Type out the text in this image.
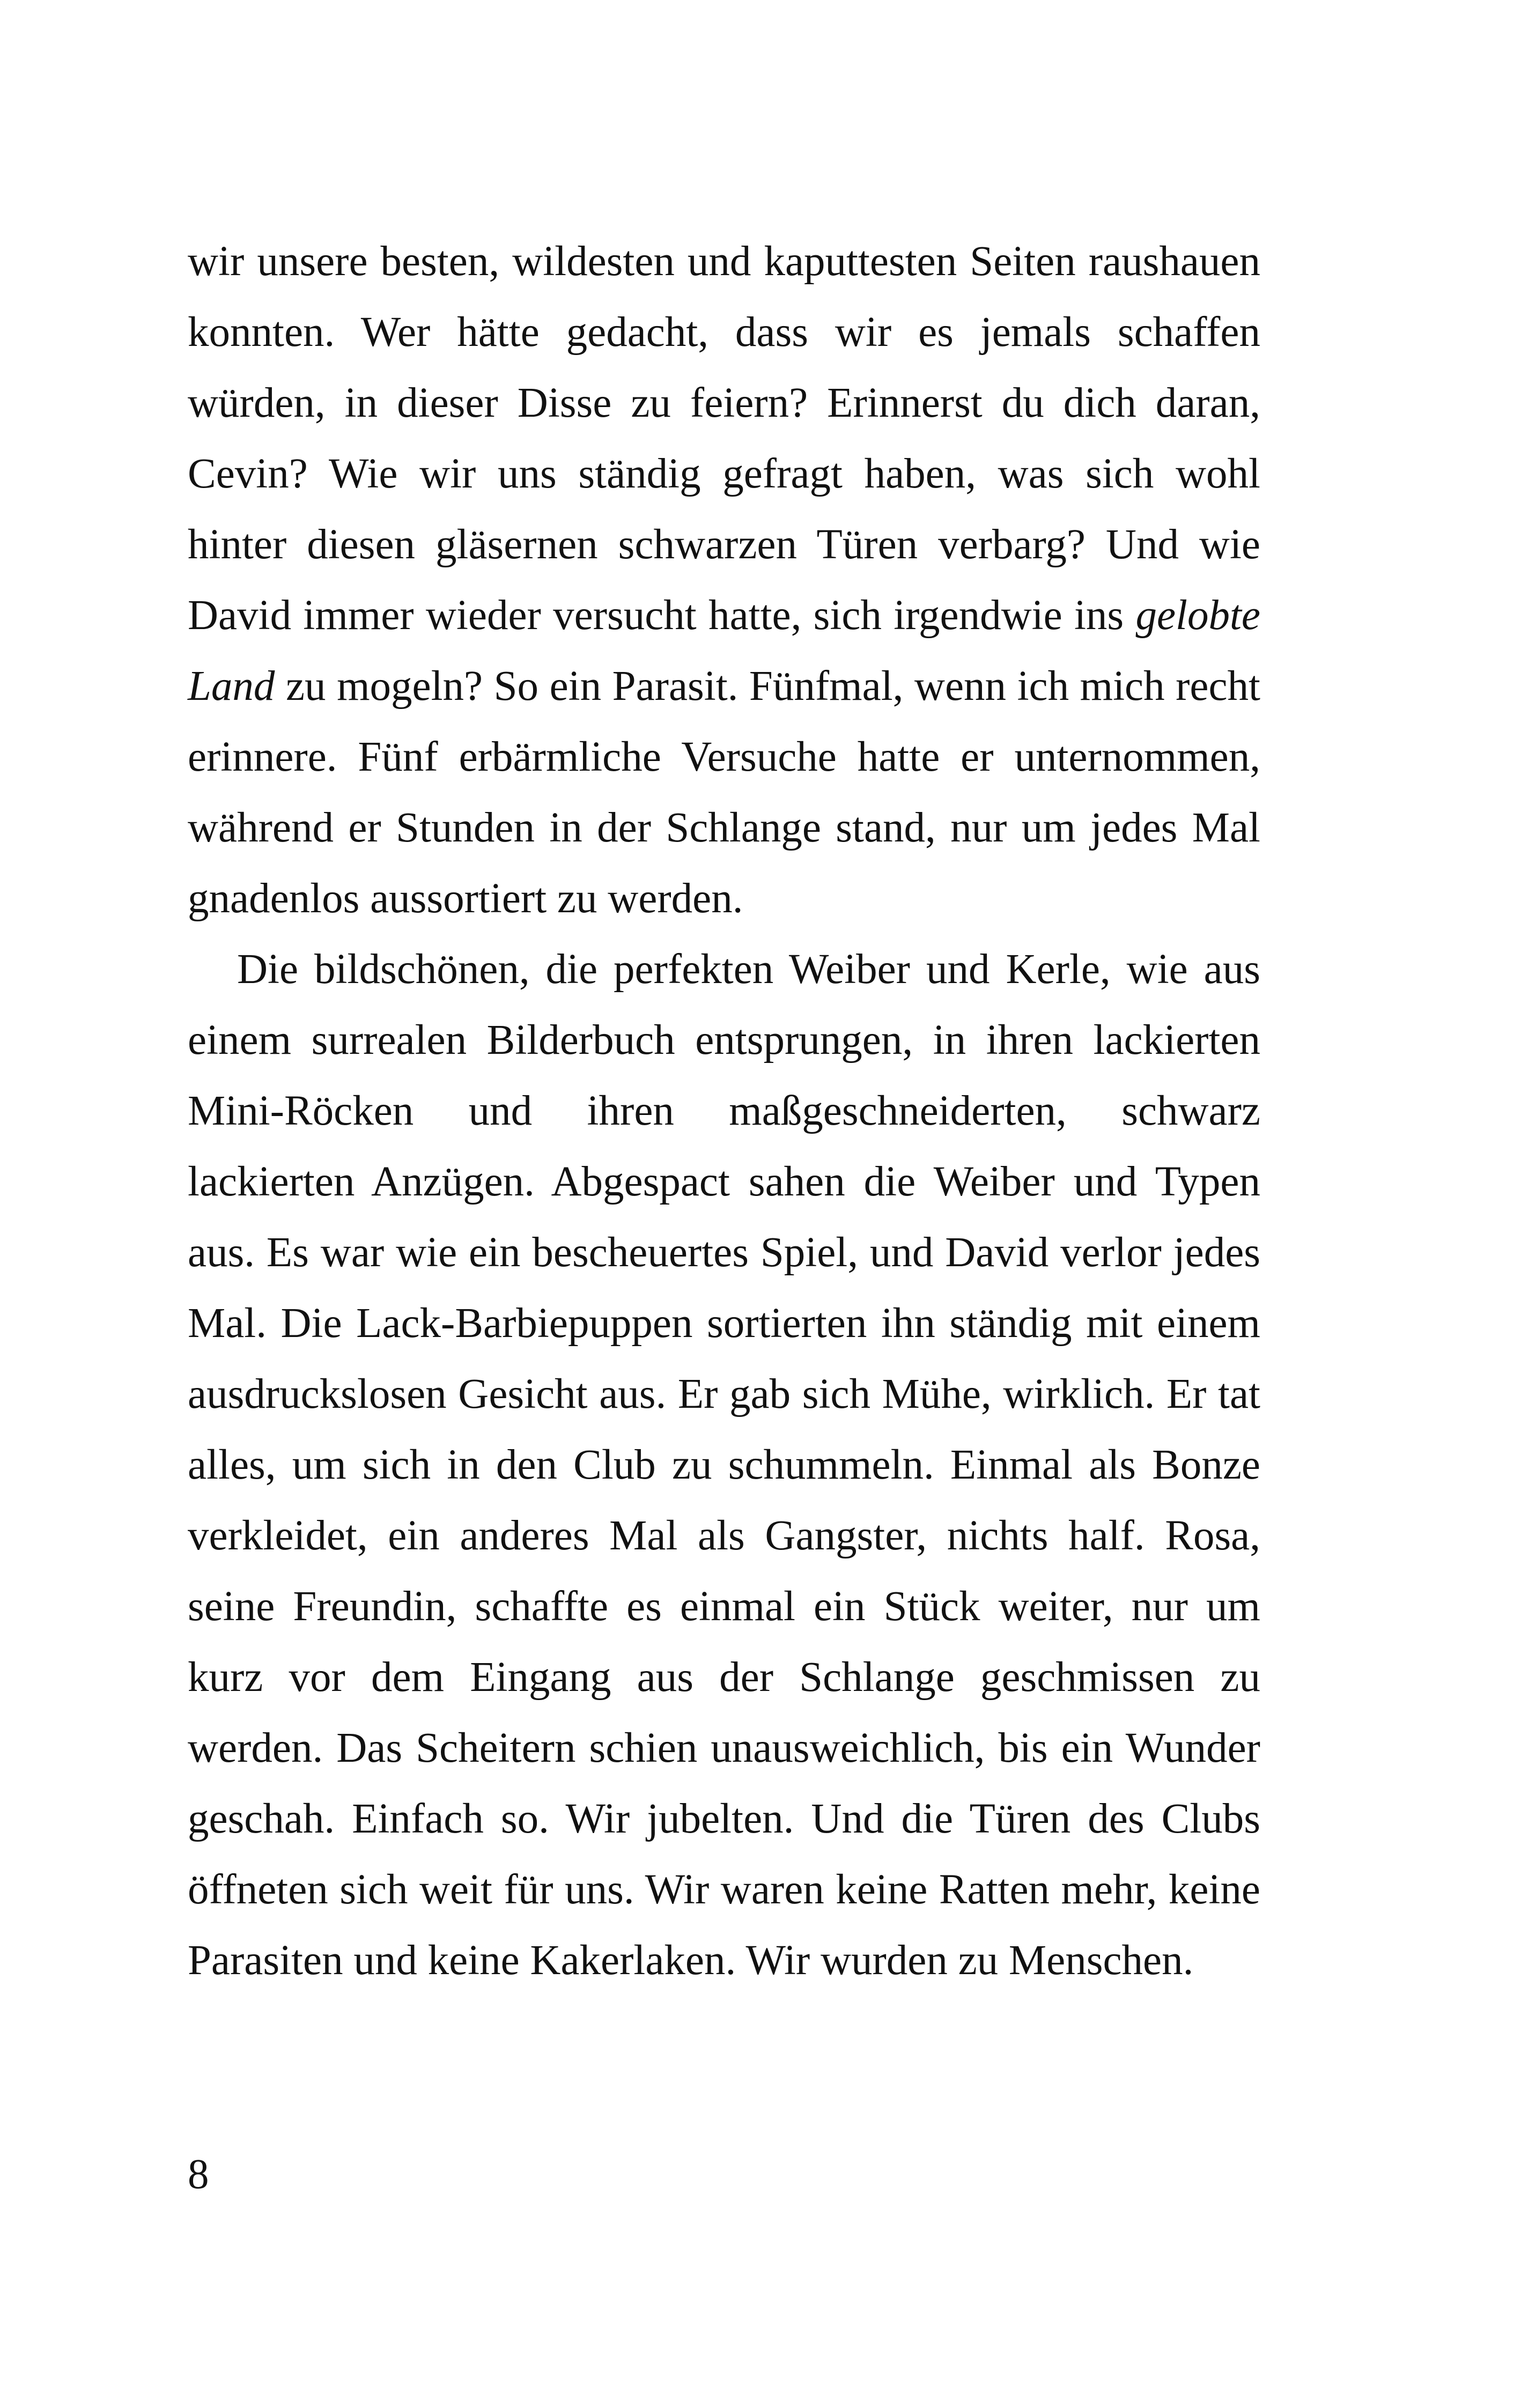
wir unsere besten, wildesten und kaputtesten Seiten raushauen konnten. Wer hätte gedacht, dass wir es jemals schaffen würden, in dieser Disse zu feiern? Erinnerst du dich daran, Cevin? Wie wir uns ständig gefragt haben, was sich wohl hinter diesen gläsernen schwarzen Türen verbarg? Und wie David immer wieder versucht hatte, sich irgendwie ins gelobte Land zu mogeln? So ein Parasit. Fünfmal, wenn ich mich recht erinnere. Fünf erbärmliche Versuche hatte er unternommen, während er Stunden in der Schlange stand, nur um jedes Mal gnadenlos aussortiert zu werden.

Die bildschönen, die perfekten Weiber und Kerle, wie aus einem surrealen Bilderbuch entsprungen, in ihren lackierten Mini-Röcken und ihren maßgeschneiderten, schwarz lackierten Anzügen. Abgespact sahen die Weiber und Typen aus. Es war wie ein bescheuertes Spiel, und David verlor jedes Mal. Die Lack-Barbiepuppen sortierten ihn ständig mit einem ausdruckslosen Gesicht aus. Er gab sich Mühe, wirklich. Er tat alles, um sich in den Club zu schummeln. Einmal als Bonze verkleidet, ein anderes Mal als Gangster, nichts half. Rosa, seine Freundin, schaffte es einmal ein Stück weiter, nur um kurz vor dem Eingang aus der Schlange geschmissen zu werden. Das Scheitern schien unausweichlich, bis ein Wunder geschah. Einfach so. Wir jubelten. Und die Türen des Clubs öffneten sich weit für uns. Wir waren keine Ratten mehr, keine Parasiten und keine Kakerlaken. Wir wurden zu Menschen.

8
